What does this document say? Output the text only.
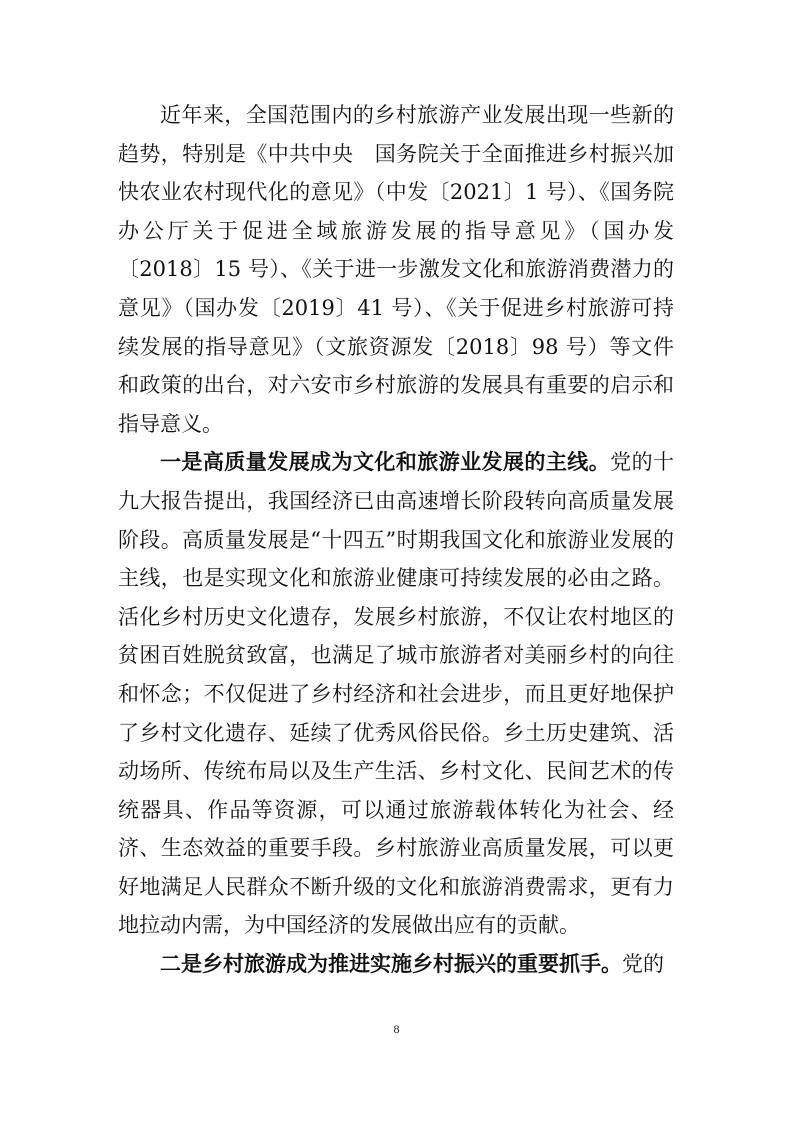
近年来，全国范围内的乡村旅游产业发展出现一些新的趋势，特别是《中共中央　国务院关于全面推进乡村振兴加快农业农村现代化的意见》（中发〔2021〕1 号）、《国务院办公厅关于促进全域旅游发展的指导意见》（国办发〔2018〕15 号）、《关于进一步激发文化和旅游消费潜力的意见》（国办发〔2019〕41 号）、《关于促进乡村旅游可持续发展的指导意见》（文旅资源发〔2018〕98 号）等文件和政策的出台，对六安市乡村旅游的发展具有重要的启示和指导意义。

一是高质量发展成为文化和旅游业发展的主线。党的十九大报告提出，我国经济已由高速增长阶段转向高质量发展阶段。高质量发展是“十四五”时期我国文化和旅游业发展的主线，也是实现文化和旅游业健康可持续发展的必由之路。活化乡村历史文化遗存，发展乡村旅游，不仅让农村地区的贫困百姓脱贫致富，也满足了城市旅游者对美丽乡村的向往和怀念；不仅促进了乡村经济和社会进步，而且更好地保护了乡村文化遗存、延续了优秀风俗民俗。乡土历史建筑、活动场所、传统布局以及生产生活、乡村文化、民间艺术的传统器具、作品等资源，可以通过旅游载体转化为社会、经济、生态效益的重要手段。乡村旅游业高质量发展，可以更好地满足人民群众不断升级的文化和旅游消费需求，更有力地拉动内需，为中国经济的发展做出应有的贡献。

二是乡村旅游成为推进实施乡村振兴的重要抓手。党的

8
